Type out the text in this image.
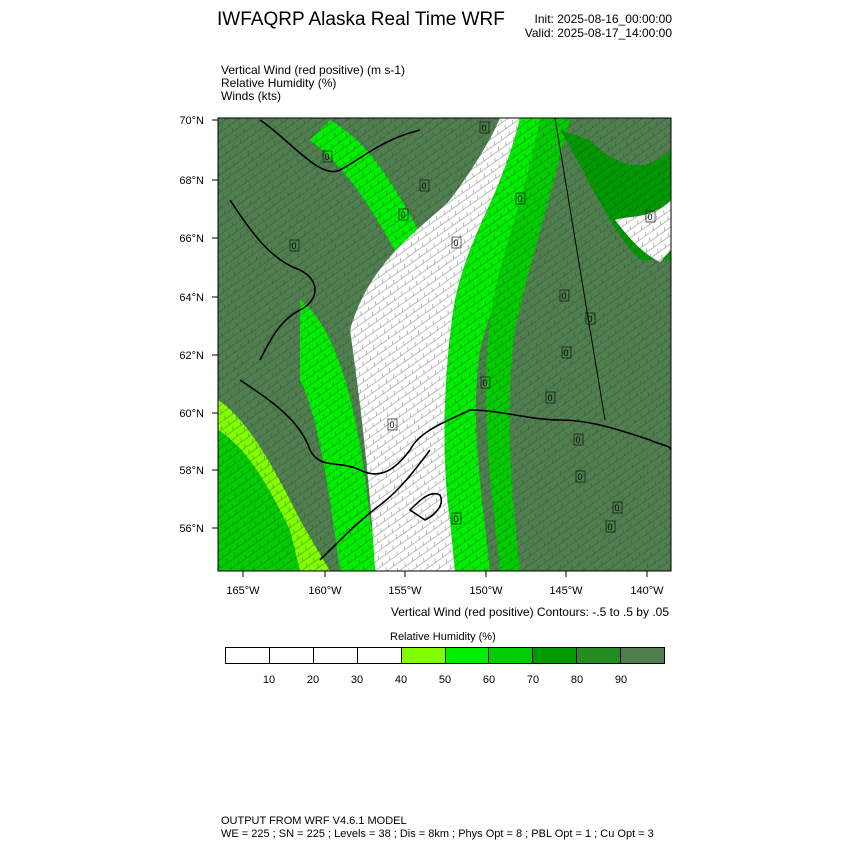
IWFAQRP Alaska Real Time WRF	Init: 2025-08-16_00:00:00
Valid: 2025-08-17_14:00:00
Vertical Wind (red positive) (m s-1)
Relative Humidity (%)
Winds (kts)
70°N
68°N
66°N
64°N
62°N
60°N
58°N
56°N
165°W	160°W	155°W	150°W	145°W	140°W
0
0
0
0
0
0
0	0
0
0
0
0
0
0
0
0
0
0
0
Vertical Wind (red positive) Contours: -.5 to .5 by .05
Relative Humidity (%)
10	20	30	40	50	60	70	80	90
OUTPUT FROM WRF V4.6.1 MODEL
WE = 225 ; SN = 225 ; Levels = 38 ; Dis = 8km ; Phys Opt = 8 ; PBL Opt = 1 ; Cu Opt = 3
